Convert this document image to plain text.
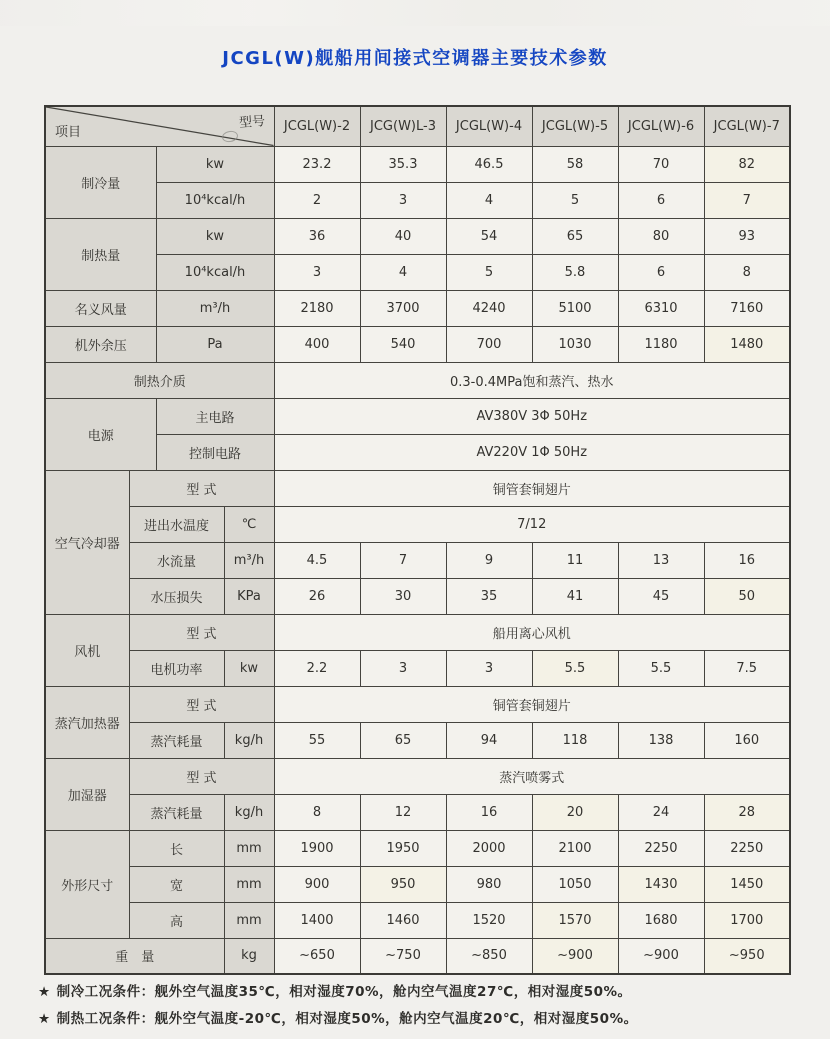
JCGL(W)舰船用间接式空调器主要技术参数
项目
型号				JCGL(W)-2	JCG(W)L-3	JCGL(W)-4	JCGL(W)-5	JCGL(W)-6	JCGL(W)-7
制冷量		kw		23.2	35.3	46.5	58	70	82
		10⁴kcal/h		2	3	4	5	6	7
制热量		kw		36	40	54	65	80	93
		10⁴kcal/h		3	4	5	5.8	6	8
名义风量		m³/h		2180	3700	4240	5100	6310	7160
机外余压		Pa		400	540	700	1030	1180	1480
制热介质				0.3-0.4MPa饱和蒸汽、热水					
电源		主电路		AV380V 3Φ 50Hz					
		控制电路		AV220V 1Φ 50Hz					
空气冷却器	型 式			铜管套铜翅片					
	进出水温度		℃	7/12					
	水流量		m³/h	4.5	7	9	11	13	16
	水压损失		KPa	26	30	35	41	45	50
风机	型 式			船用离心风机					
	电机功率		kw	2.2	3	3	5.5	5.5	7.5
蒸汽加热器	型 式			铜管套铜翅片					
	蒸汽耗量		kg/h	55	65	94	118	138	160
加湿器	型 式			蒸汽喷雾式					
	蒸汽耗量		kg/h	8	12	16	20	24	28
外形尺寸	长		mm	1900	1950	2000	2100	2250	2250
	宽		mm	900	950	980	1050	1430	1450
	高		mm	1400	1460	1520	1570	1680	1700
重　量			kg	~650	~750	~850	~900	~900	~950
★ 制冷工况条件：舰外空气温度35℃，相对湿度70%，舱内空气温度27℃，相对湿度50%。
★ 制热工况条件：舰外空气温度-20℃，相对湿度50%，舱内空气温度20℃，相对湿度50%。
